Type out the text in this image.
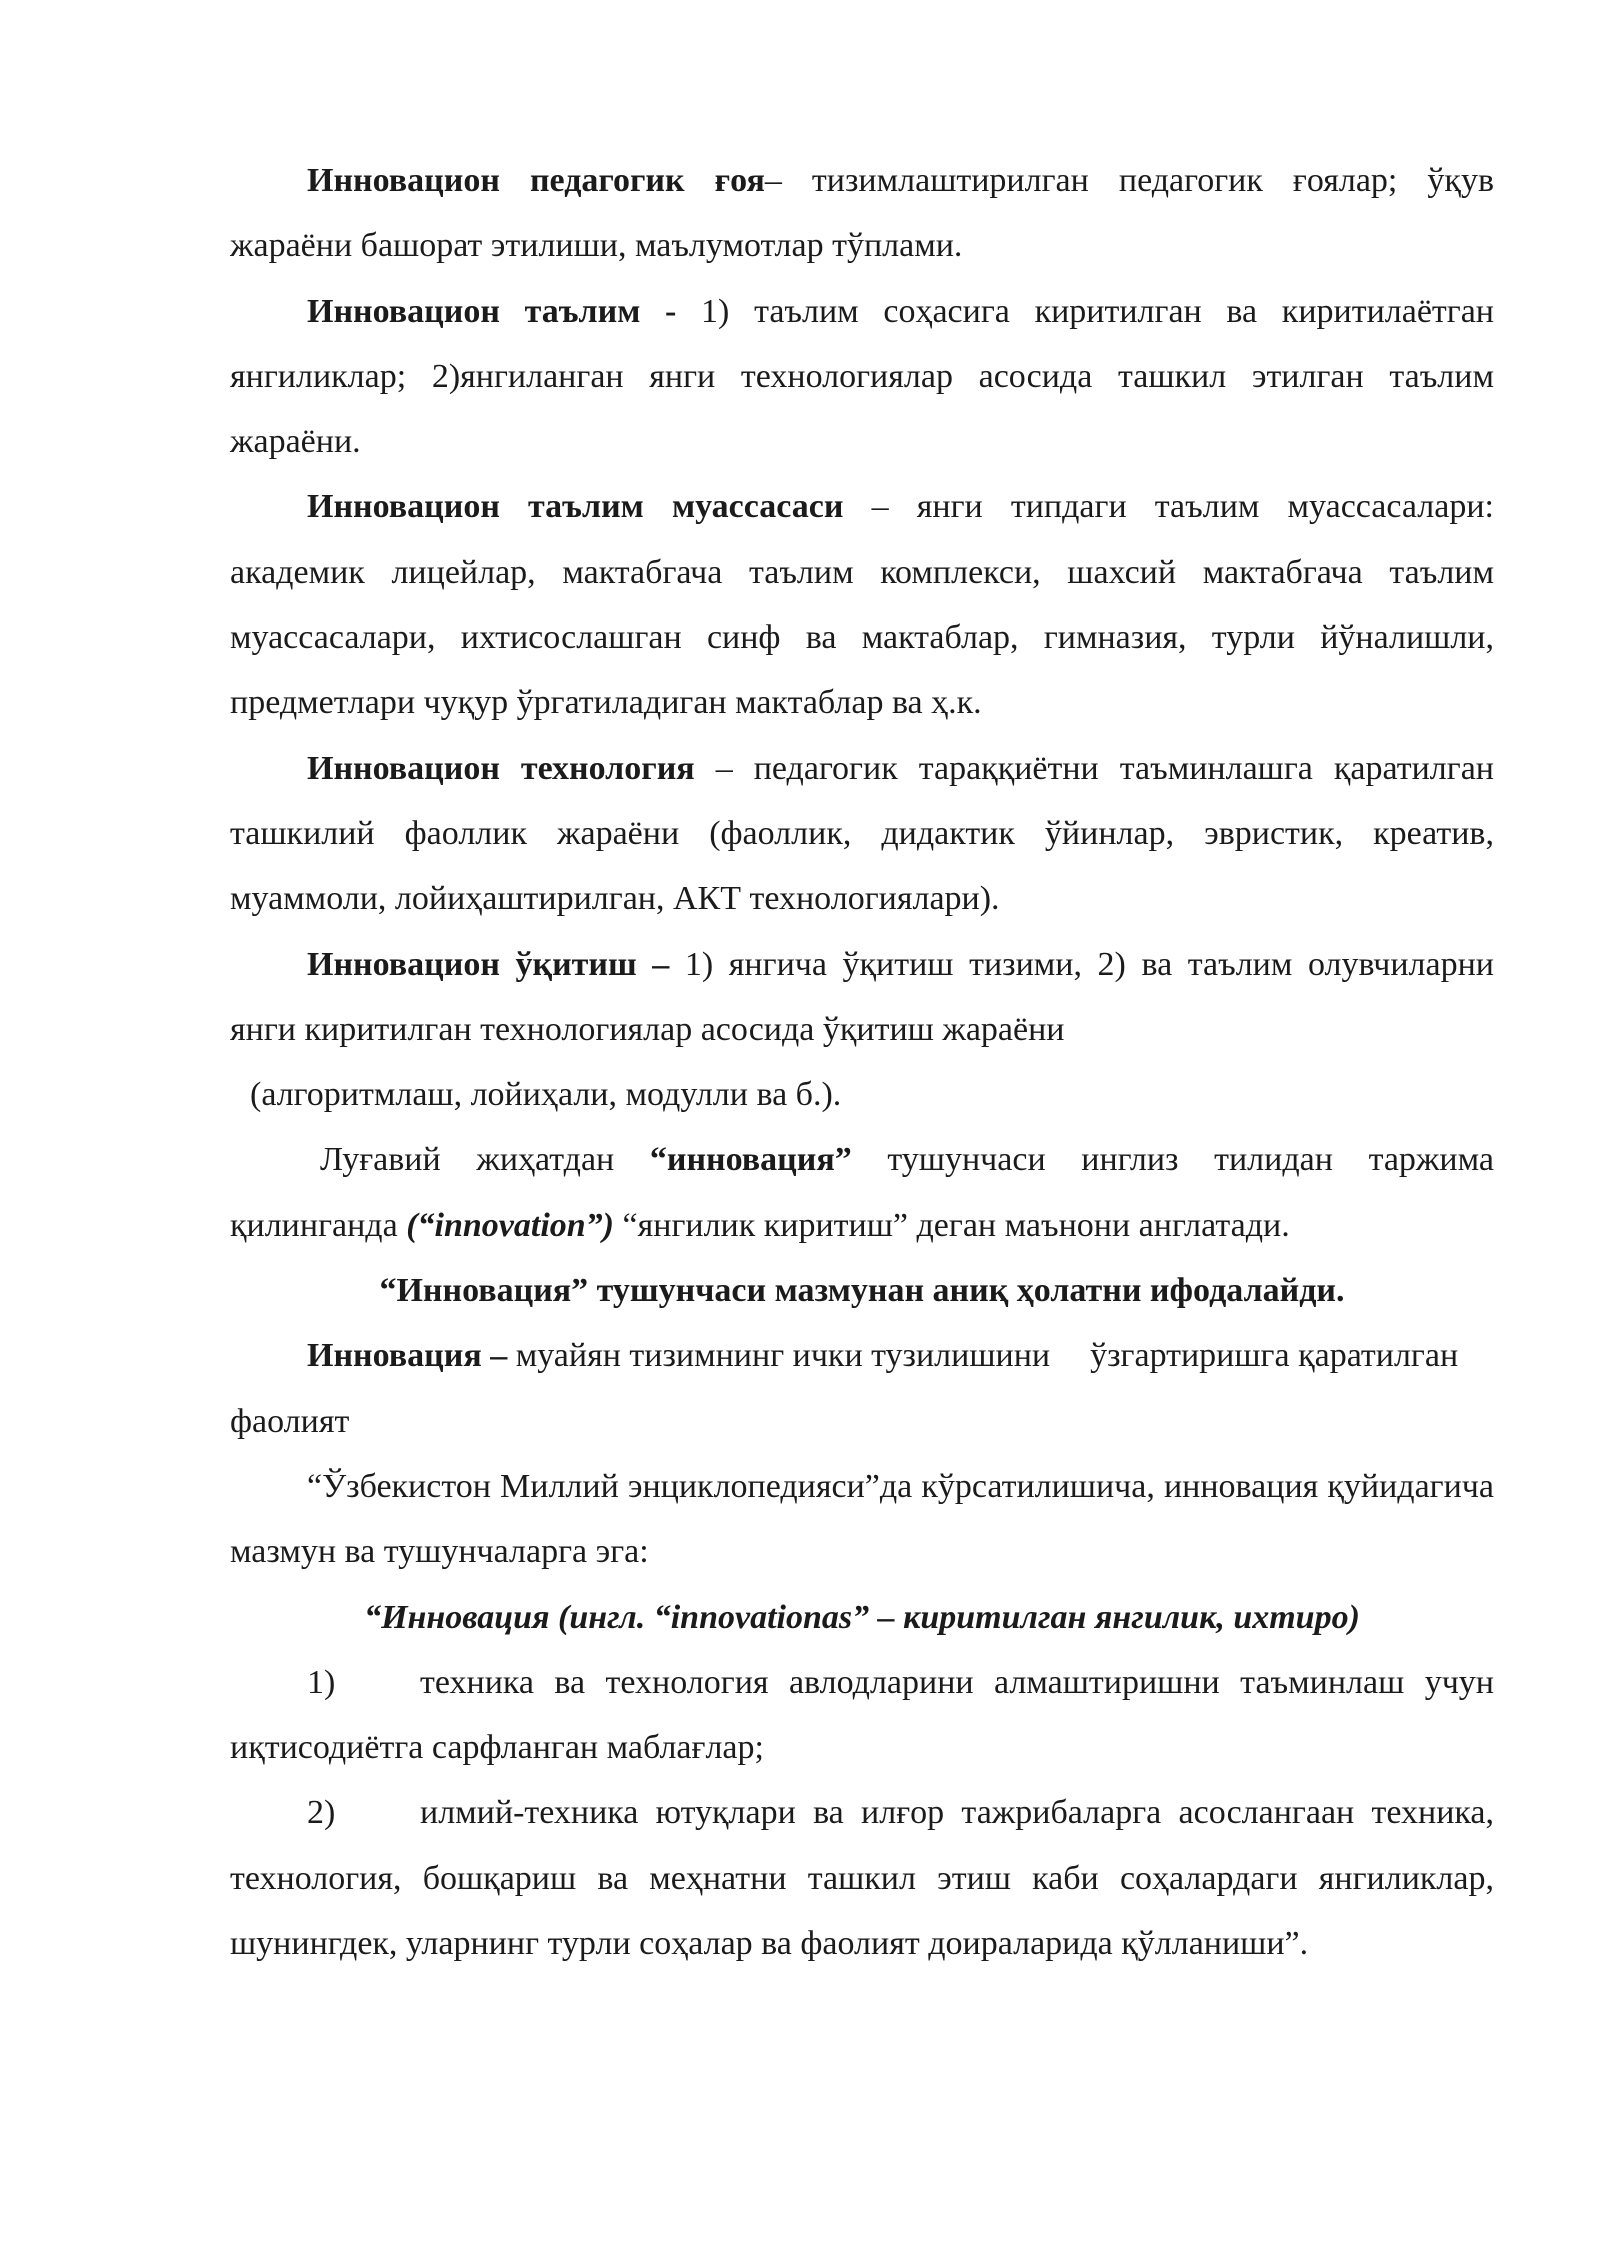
Инновацион педагогик ғоя– тизимлаштирилган педагогик ғоялар; ўқув жараёни башорат этилиши, маълумотлар тўплами.

Инновацион таълим - 1) таълим соҳасига киритилган ва киритилаётган янгиликлар; 2)янгиланган янги технологиялар асосида ташкил этилган таълим жараёни.

Инновацион таълим муассасаси – янги типдаги таълим муассасалари: академик лицейлар, мактабгача таълим комплекси, шахсий мактабгача таълим муассасалари, ихтисослашган синф ва мактаблар, гимназия, турли йўналишли, предметлари чуқур ўргатиладиган мактаблар ва ҳ.к.

Инновацион технология – педагогик тараққиётни таъминлашга қаратилган ташкилий фаоллик жараёни (фаоллик, дидактик ўйинлар, эвристик, креатив, муаммоли, лойиҳаштирилган, АКТ технологиялари).

Инновацион ўқитиш – 1) янгича ўқитиш тизими, 2) ва таълим олувчиларни янги киритилган технологиялар асосида ўқитиш жараёни
(алгоритмлаш, лойиҳали, модулли ва б.).

Луғавий жиҳатдан “инновация” тушунчаси инглиз тилидан таржима қилинганда (“innovation”) “янгилик киритиш” деган маънони англатади.

“Инновация” тушунчаси мазмунан аниқ ҳолатни ифодалайди.

Инновация – муайян тизимнинг ички тузилишини ўзгартиришга қаратилган фаолият

“Ўзбекистон Миллий энциклопедияси”да кўрсатилишича, инновация қуйидагича мазмун ва тушунчаларга эга:

“Инновация (ингл. “innovationas” – киритилган янгилик, ихтиро)

1) техника ва технология авлодларини алмаштиришни таъминлаш учун иқтисодиётга сарфланган маблағлар;

2) илмий-техника ютуқлари ва илғор тажрибаларга асослангаан техника, технология, бошқариш ва меҳнатни ташкил этиш каби соҳалардаги янгиликлар, шунингдек, уларнинг турли соҳалар ва фаолият доираларида қўлланиши”.
